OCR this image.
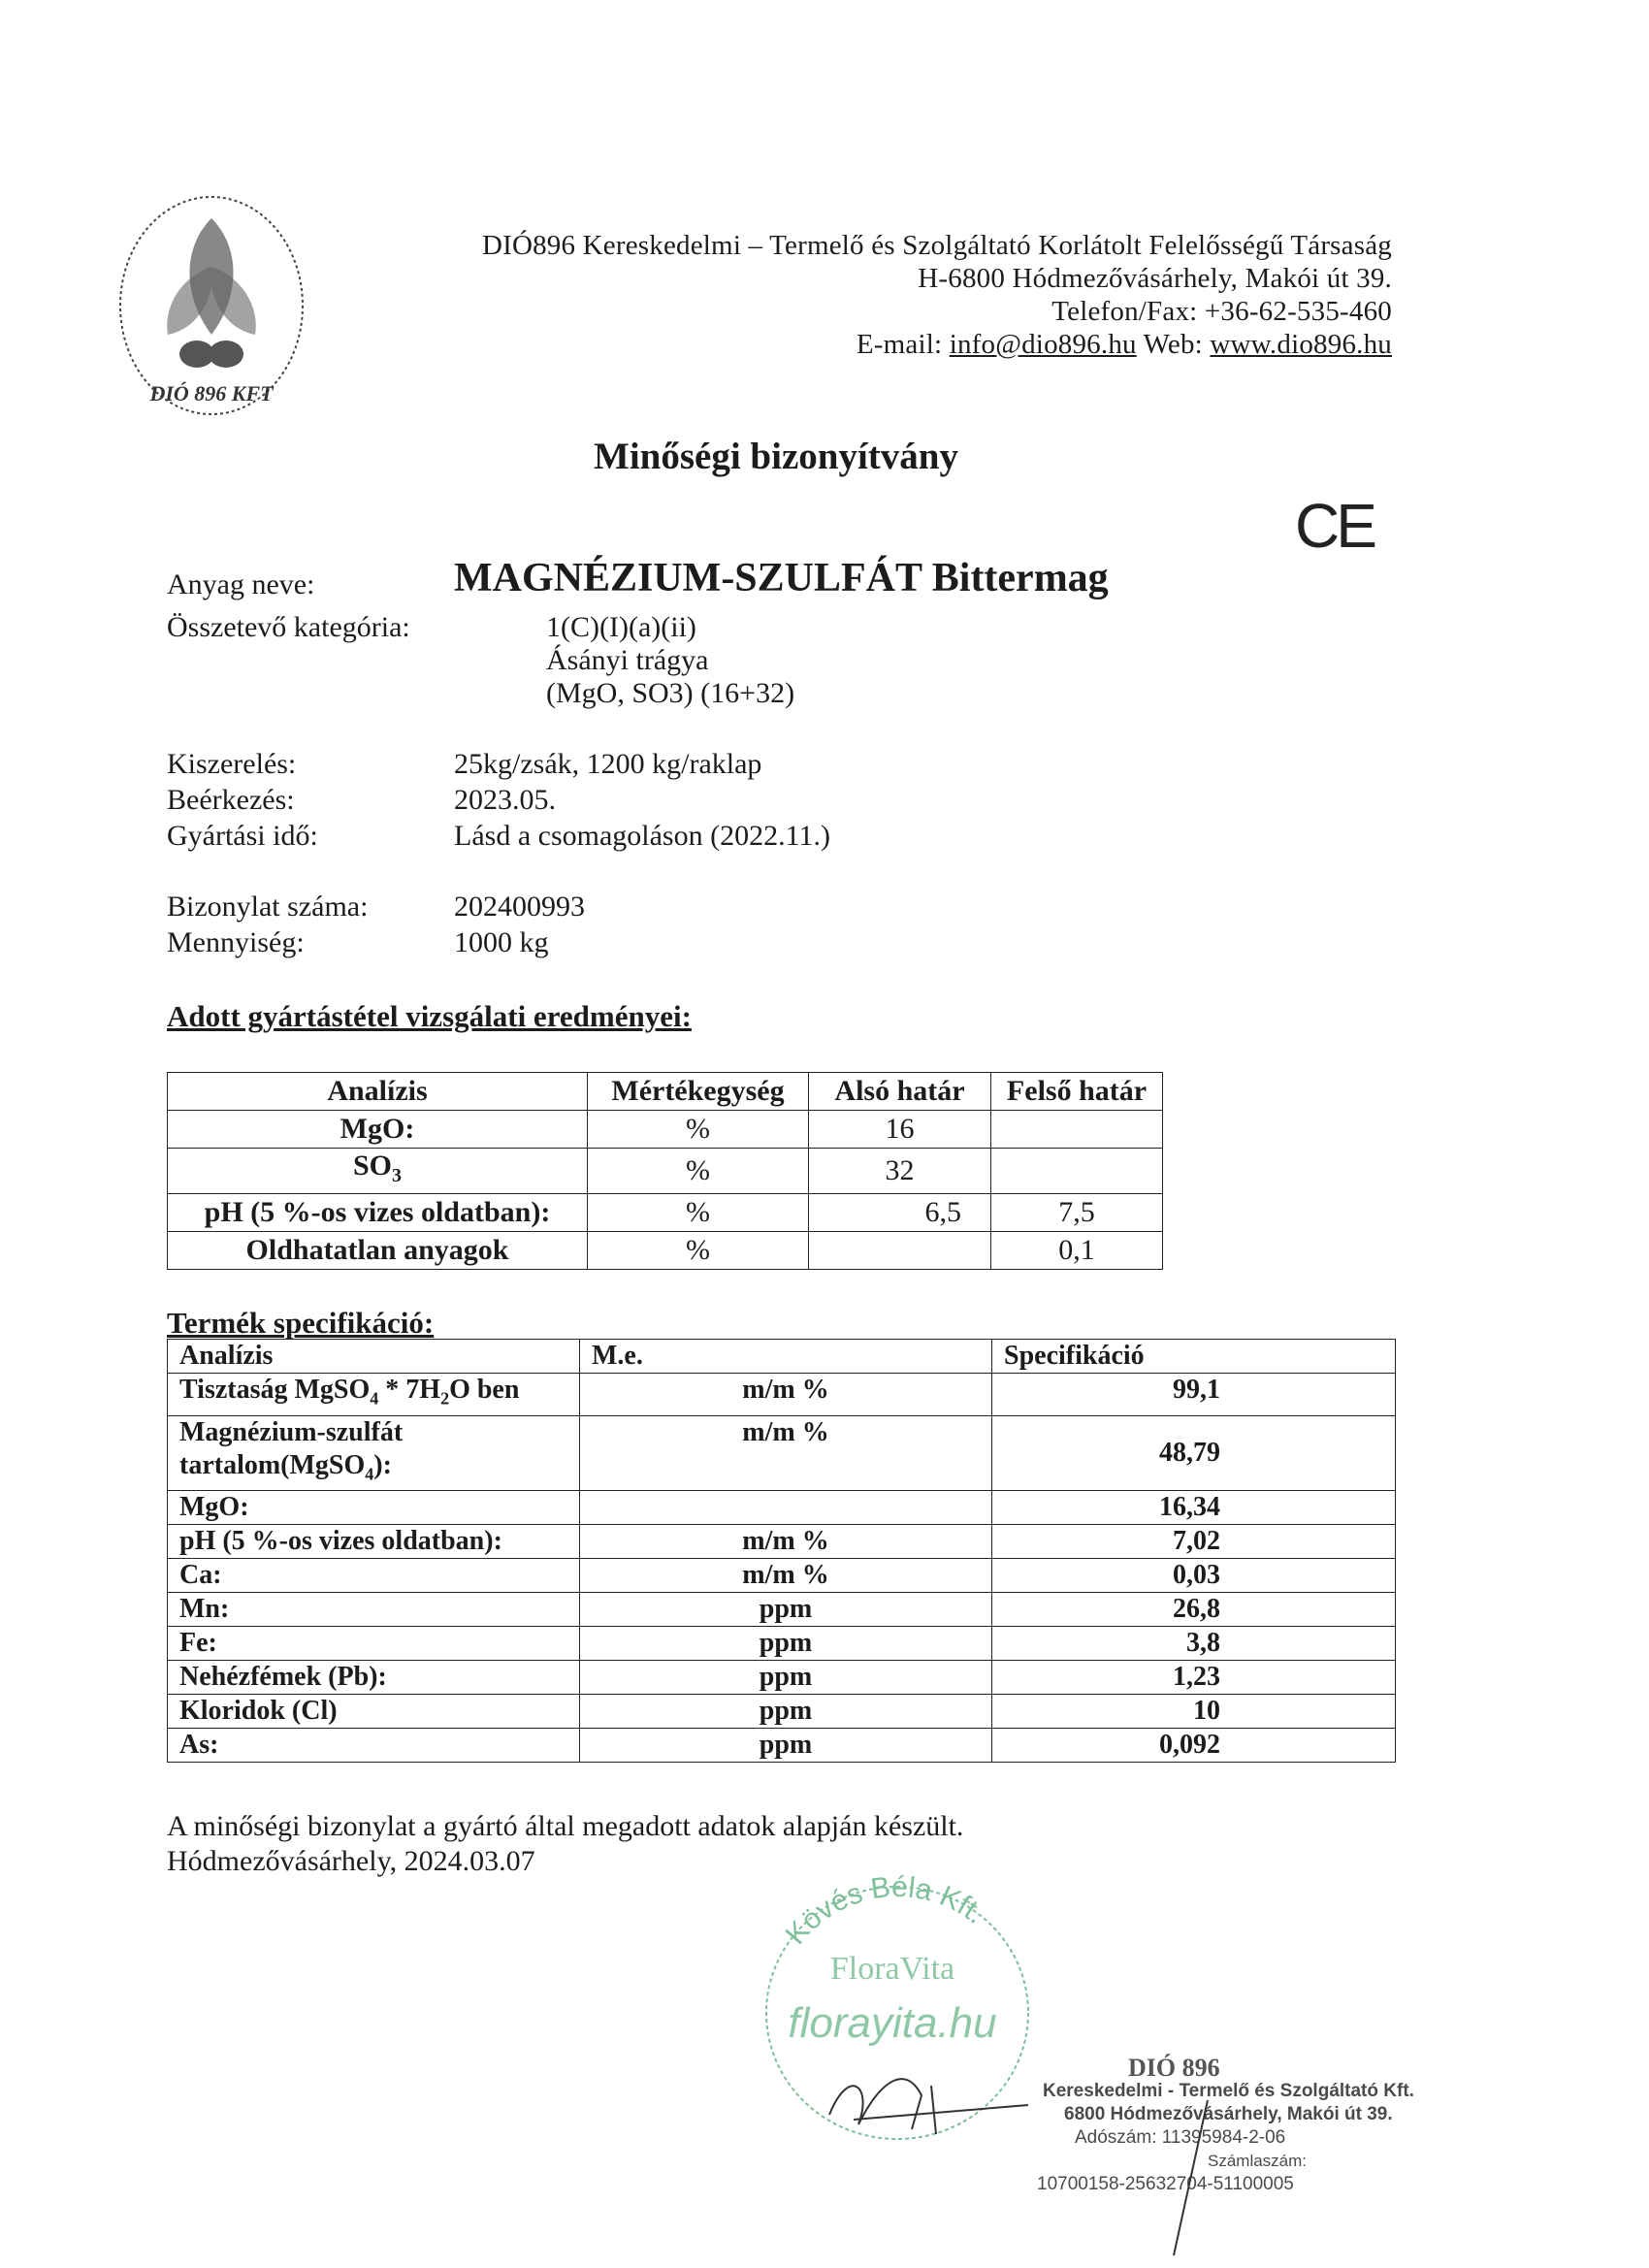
DIÓ 896 KFT
DIÓ896 Kereskedelmi – Termelő és Szolgáltató Korlátolt Felelősségű Társaság
H-6800 Hódmezővásárhely, Makói út 39.
Telefon/Fax: +36-62-535-460
E-mail: info@dio896.hu Web: www.dio896.hu
Minőségi bizonyítvány
CE
Anyag neve:	MAGNÉZIUM-SZULFÁT Bittermag
Összetevő kategória:	1(C)(I)(a)(ii)
Ásányi trágya
(MgO, SO3) (16+32)
Kiszerelés:	25kg/zsák, 1200 kg/raklap
Beérkezés:	2023.05.
Gyártási idő:	Lásd a csomagoláson (2022.11.)
Bizonylat száma:	202400993
Mennyiség:	1000 kg
Adott gyártástétel vizsgálati eredményei:
Analízis	Mértékegység	Alsó határ	Felső határ
MgO:	%	16	
$SO_3$	%	32	
pH (5 %-os vizes oldatban):	%	6,5	7,5
Oldhatatlan anyagok	%		0,1
Termék specifikáció:
Analízis	M.e.	Specifikáció
Tisztaság MgSO$_4$ * $7H_2O$ ben	m/m %	99,1
Magnézium-szulfát
tartalom(MgSO$_4$):	m/m %	48,79
MgO:		16,34
pH (5 %-os vizes oldatban):	m/m %	7,02
Ca:	m/m %	0,03
Mn:	ppm	26,8
Fe:	ppm	3,8
Nehézfémek (Pb):	ppm	1,23
Kloridok (Cl)	ppm	10
As:	ppm	0,092
A minőségi bizonylat a gyártó által megadott adatok alapján készült.
Hódmezővásárhely, 2024.03.07
Kövés Béla Kft.
FloraVita
florayita.hu
DIÓ 896
Kereskedelmi - Termelő és Szolgáltató Kft.
6800 Hódmezővásárhely, Makói út 39.
Adószám: 11395984-2-06
Számlaszám:
10700158-25632704-51100005
